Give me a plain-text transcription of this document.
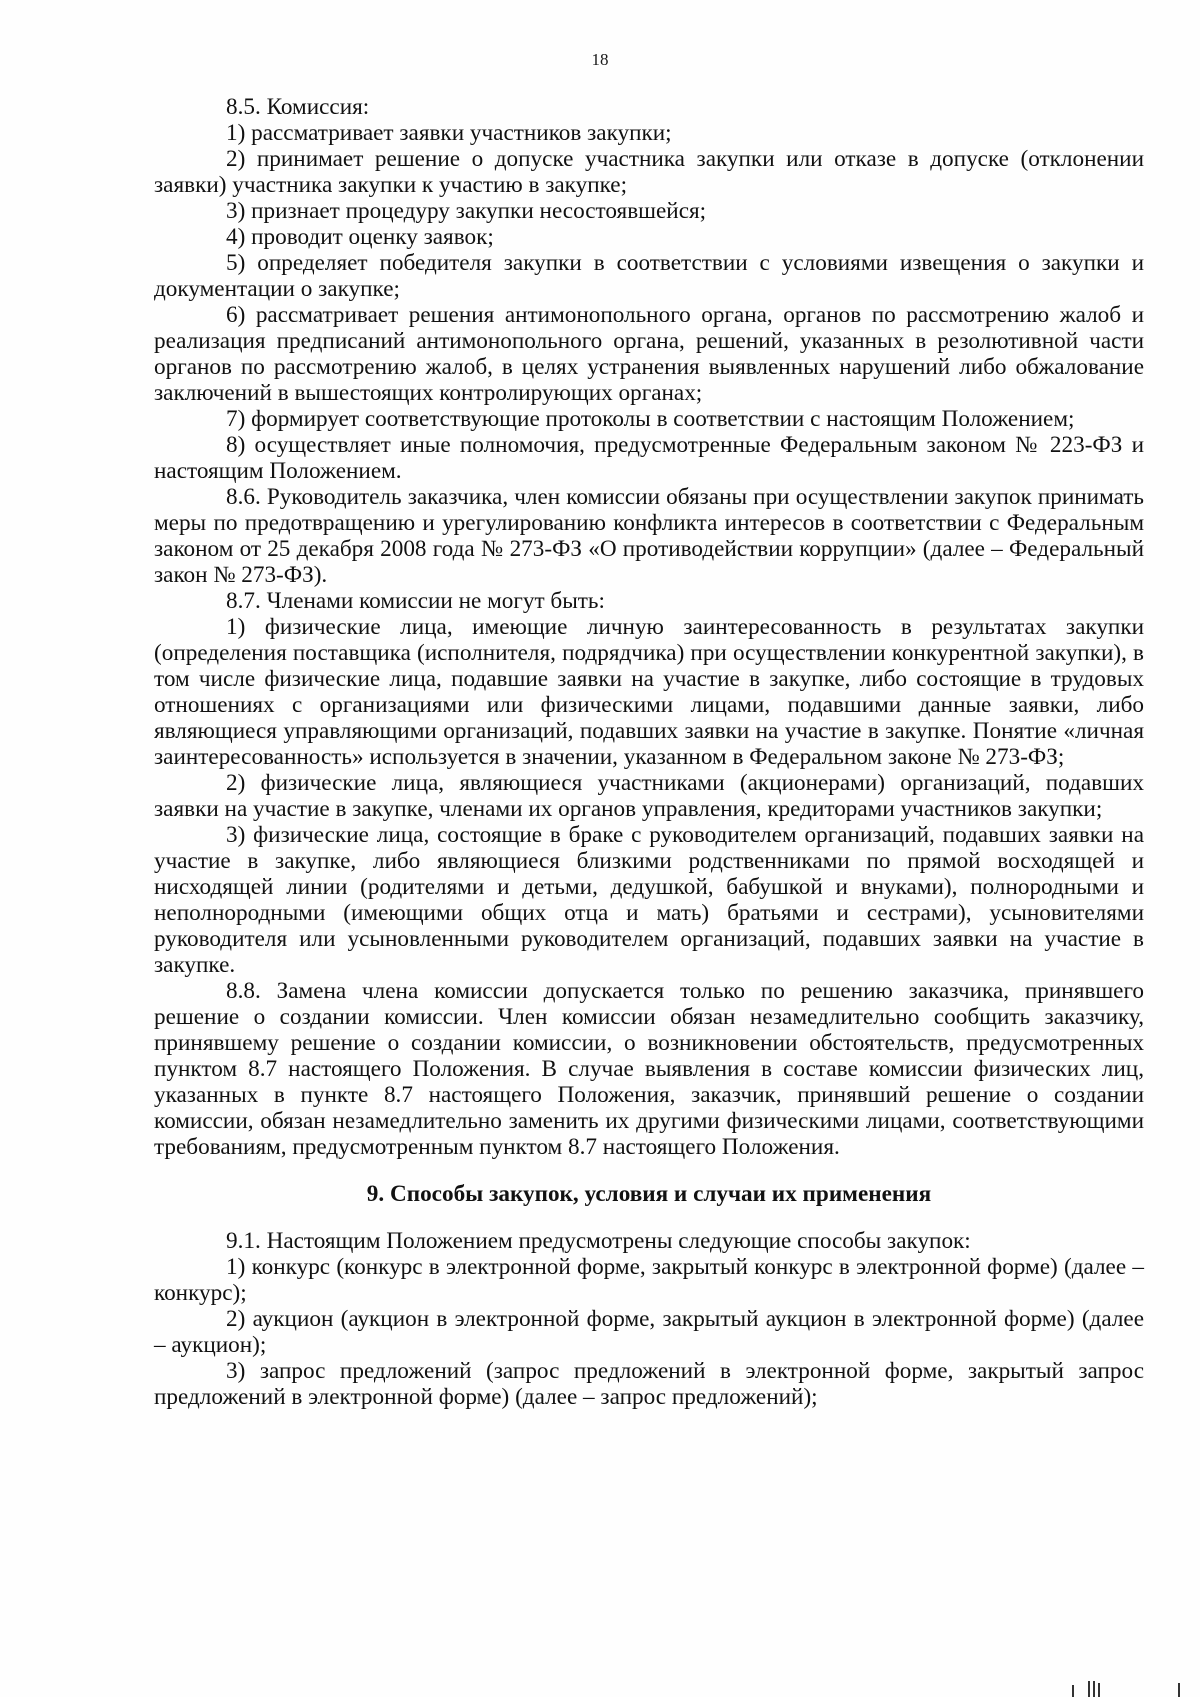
18

8.5. Комиссия:

1) рассматривает заявки участников закупки;

2) принимает решение о допуске участника закупки или отказе в допуске (отклонении заявки) участника закупки к участию в закупке;

3) признает процедуру закупки несостоявшейся;

4) проводит оценку заявок;

5) определяет победителя закупки в соответствии с условиями извещения о закупки и документации о закупке;

6) рассматривает решения антимонопольного органа, органов по рассмотрению жалоб и реализация предписаний антимонопольного органа, решений, указанных в резолютивной части органов по рассмотрению жалоб, в целях устранения выявленных нарушений либо обжалование заключений в вышестоящих контролирующих органах;

7) формирует соответствующие протоколы в соответствии с настоящим Положением;

8) осуществляет иные полномочия, предусмотренные Федеральным законом № 223-ФЗ и настоящим Положением.

8.6. Руководитель заказчика, член комиссии обязаны при осуществлении закупок принимать меры по предотвращению и урегулированию конфликта интересов в соответствии с Федеральным законом от 25 декабря 2008 года № 273-ФЗ «О противодействии коррупции» (далее – Федеральный закон № 273-ФЗ).

8.7. Членами комиссии не могут быть:

1) физические лица, имеющие личную заинтересованность в результатах закупки (определения поставщика (исполнителя, подрядчика) при осуществлении конкурентной закупки), в том числе физические лица, подавшие заявки на участие в закупке, либо состоящие в трудовых отношениях с организациями или физическими лицами, подавшими данные заявки, либо являющиеся управляющими организаций, подавших заявки на участие в закупке. Понятие «личная заинтересованность» используется в значении, указанном в Федеральном законе № 273-ФЗ;

2) физические лица, являющиеся участниками (акционерами) организаций, подавших заявки на участие в закупке, членами их органов управления, кредиторами участников закупки;

3) физические лица, состоящие в браке с руководителем организаций, подавших заявки на участие в закупке, либо являющиеся близкими родственниками по прямой восходящей и нисходящей линии (родителями и детьми, дедушкой, бабушкой и внуками), полнородными и неполнородными (имеющими общих отца и мать) братьями и сестрами), усыновителями руководителя или усыновленными руководителем организаций, подавших заявки на участие в закупке.

8.8. Замена члена комиссии допускается только по решению заказчика, принявшего решение о создании комиссии. Член комиссии обязан незамедлительно сообщить заказчику, принявшему решение о создании комиссии, о возникновении обстоятельств, предусмотренных пунктом 8.7 настоящего Положения. В случае выявления в составе комиссии физических лиц, указанных в пункте 8.7 настоящего Положения, заказчик, принявший решение о создании комиссии, обязан незамедлительно заменить их другими физическими лицами, соответствующими требованиям, предусмотренным пунктом 8.7 настоящего Положения.

9. Способы закупок, условия и случаи их применения

9.1. Настоящим Положением предусмотрены следующие способы закупок:

1) конкурс (конкурс в электронной форме, закрытый конкурс в электронной форме) (далее – конкурс);

2) аукцион (аукцион в электронной форме, закрытый аукцион в электронной форме) (далее – аукцион);

3) запрос предложений (запрос предложений в электронной форме, закрытый запрос предложений в электронной форме) (далее – запрос предложений);
